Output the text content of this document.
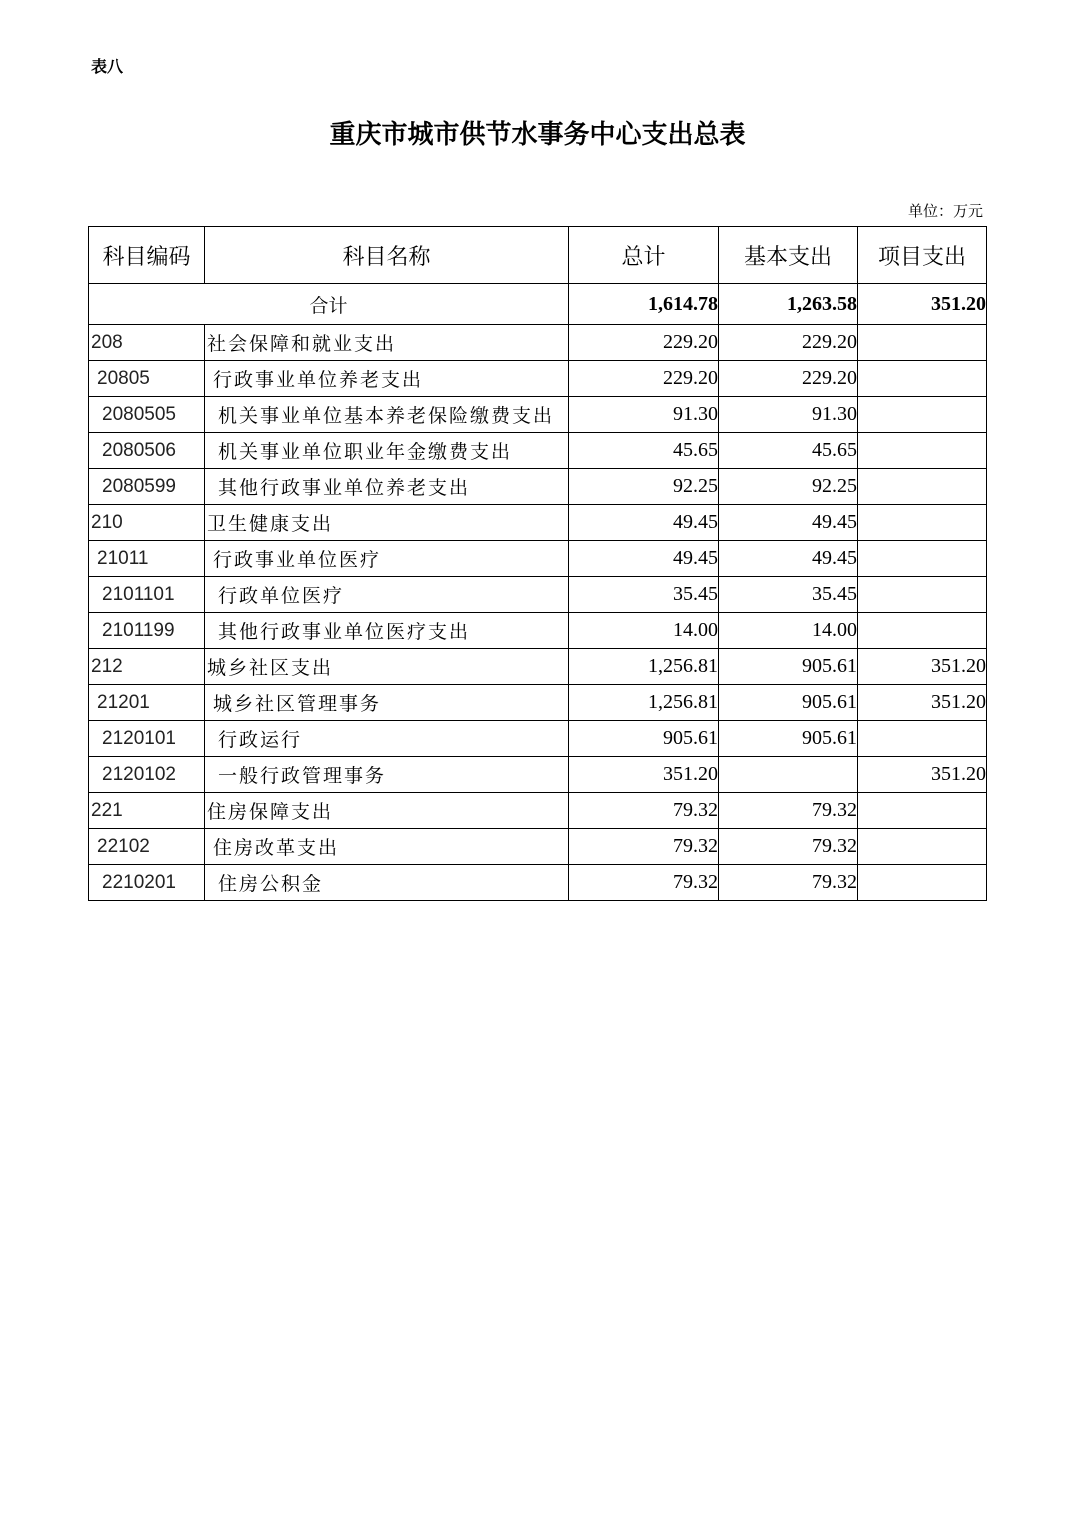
表八
重庆市城市供节水事务中心支出总表
单位：万元
科目编码	科目名称	总计	基本支出	项目支出
合计		1,614.78	1,263.58	351.20
208	社会保障和就业支出	229.20	229.20	
20805	行政事业单位养老支出	229.20	229.20	
2080505	机关事业单位基本养老保险缴费支出	91.30	91.30	
2080506	机关事业单位职业年金缴费支出	45.65	45.65	
2080599	其他行政事业单位养老支出	92.25	92.25	
210	卫生健康支出	49.45	49.45	
21011	行政事业单位医疗	49.45	49.45	
2101101	行政单位医疗	35.45	35.45	
2101199	其他行政事业单位医疗支出	14.00	14.00	
212	城乡社区支出	1,256.81	905.61	351.20
21201	城乡社区管理事务	1,256.81	905.61	351.20
2120101	行政运行	905.61	905.61	
2120102	一般行政管理事务	351.20		351.20
221	住房保障支出	79.32	79.32	
22102	住房改革支出	79.32	79.32	
2210201	住房公积金	79.32	79.32	
